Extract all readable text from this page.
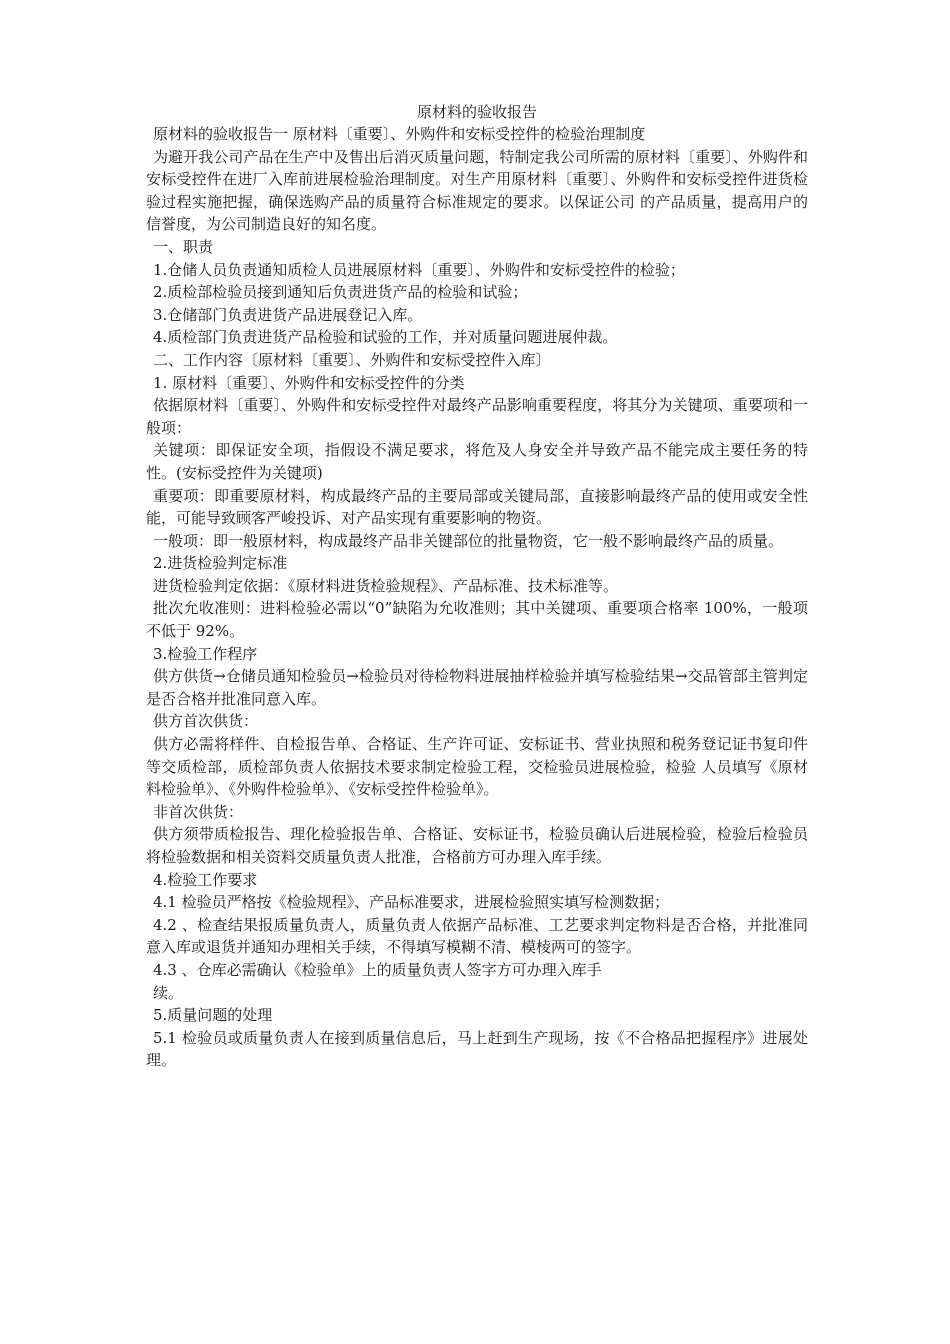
原材料的验收报告

原材料的验收报告一 原材料〔重要〕、外购件和安标受控件的检验治理制度

为避开我公司产品在生产中及售出后消灭质量问题，特制定我公司所需的原材料〔重要〕、外购件和安标受控件在进厂入库前进展检验治理制度。对生产用原材料〔重要〕、外购件和安标受控件进货检验过程实施把握，确保选购产品的质量符合标准规定的要求。以保证公司 的产品质量，提高用户的信誉度，为公司制造良好的知名度。

一、职责

1.仓储人员负责通知质检人员进展原材料〔重要〕、外购件和安标受控件的检验；

2.质检部检验员接到通知后负责进货产品的检验和试验；

3.仓储部门负责进货产品进展登记入库。

4.质检部门负责进货产品检验和试验的工作，并对质量问题进展仲裁。

二、工作内容〔原材料〔重要〕、外购件和安标受控件入库〕

1. 原材料〔重要〕、外购件和安标受控件的分类

依据原材料〔重要〕、外购件和安标受控件对最终产品影响重要程度，将其分为关键项、重要项和一般项：

关键项：即保证安全项，指假设不满足要求，将危及人身安全并导致产品不能完成主要任务的特性。(安标受控件为关键项)

重要项：即重要原材料，构成最终产品的主要局部或关键局部，直接影响最终产品的使用或安全性能，可能导致顾客严峻投诉、对产品实现有重要影响的物资。

一般项：即一般原材料，构成最终产品非关键部位的批量物资，它一般不影响最终产品的质量。

2.进货检验判定标准

进货检验判定依据：《原材料进货检验规程》、产品标准、技术标准等。

批次允收准则：进料检验必需以“0”缺陷为允收准则；其中关键项、重要项合格率 100%，一般项不低于 92%。

3.检验工作程序

供方供货→仓储员通知检验员→检验员对待检物料进展抽样检验并填写检验结果→交品管部主管判定是否合格并批准同意入库。

供方首次供货：

供方必需将样件、自检报告单、合格证、生产许可证、安标证书、营业执照和税务登记证书复印件等交质检部，质检部负责人依据技术要求制定检验工程，交检验员进展检验，检验 人员填写《原材料检验单》、《外购件检验单》、《安标受控件检验单》。

非首次供货：

供方须带质检报告、理化检验报告单、合格证、安标证书，检验员确认后进展检验，检验后检验员将检验数据和相关资料交质量负责人批准，合格前方可办理入库手续。

4.检验工作要求

4.1 检验员严格按《检验规程》、产品标准要求，进展检验照实填写检测数据；

4.2 、检查结果报质量负责人，质量负责人依据产品标准、工艺要求判定物料是否合格，并批准同意入库或退货并通知办理相关手续，不得填写模糊不清、模棱两可的签字。

4.3 、仓库必需确认《检验单》上的质量负责人签字方可办理入库手

续。

5.质量问题的处理

5.1 检验员或质量负责人在接到质量信息后，马上赶到生产现场，按《不合格品把握程序》进展处理。
